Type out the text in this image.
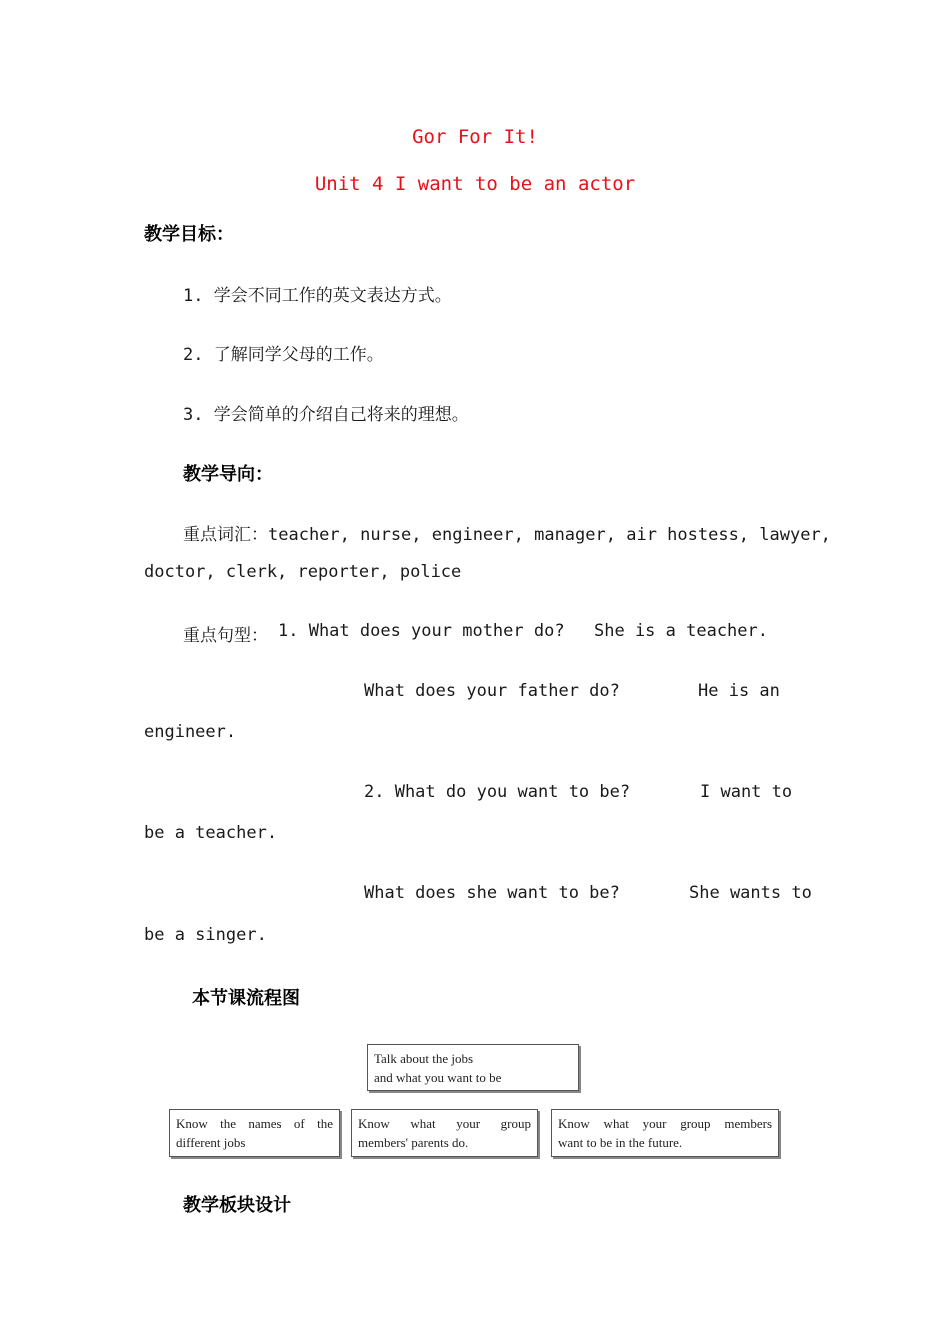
Gor For It!
Unit 4 I want to be an actor
教学目标：
1. 学会不同工作的英文表达方式。
2. 了解同学父母的工作。
3. 学会简单的介绍自己将来的理想。
教学导向：
重点词汇：teacher, nurse, engineer, manager, air hostess, lawyer,
doctor, clerk, reporter, police
重点句型： 1. What does your mother do? She is a teacher.
What does your father do?	He is an
engineer.
2. What do you want to be?	I want to
be a teacher.
What does she want to be?	She wants to
be a singer.
本节课流程图
Talk about the jobs
and what you want to be
Know the names of the
different jobs
Know what your group
members' parents do.
Know what your group members
want to be in the future.
教学板块设计
